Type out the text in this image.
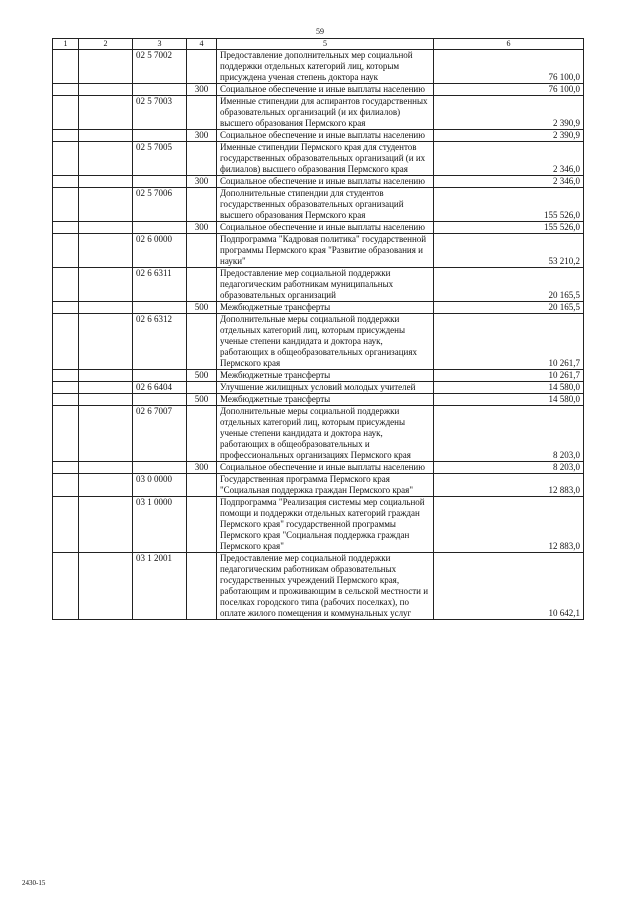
59
1	2	3	4	5	6
		02 5 7002		Предоставление дополнительных мер социальной поддержки отдельных категорий лиц, которым присуждена ученая степень доктора наук	76 100,0
			300	Социальное обеспечение и иные выплаты населению	76 100,0
		02 5 7003		Именные стипендии для аспирантов государственных образовательных организаций (и их филиалов) высшего образования Пермского края	2 390,9
			300	Социальное обеспечение и иные выплаты населению	2 390,9
		02 5 7005		Именные стипендии Пермского края для студентов государственных образовательных организаций (и их филиалов) высшего образования Пермского края	2 346,0
			300	Социальное обеспечение и иные выплаты населению	2 346,0
		02 5 7006		Дополнительные стипендии для студентов государственных образовательных организаций высшего образования Пермского края	155 526,0
			300	Социальное обеспечение и иные выплаты населению	155 526,0
		02 6 0000		Подпрограмма "Кадровая политика" государственной программы Пермского края "Развитие образования и науки"	53 210,2
		02 6 6311		Предоставление мер социальной поддержки педагогическим работникам муниципальных образовательных организаций	20 165,5
			500	Межбюджетные трансферты	20 165,5
		02 6 6312		Дополнительные меры социальной поддержки отдельных категорий лиц, которым присуждены ученые степени кандидата и доктора наук, работающих в общеобразовательных организациях Пермского края	10 261,7
			500	Межбюджетные трансферты	10 261,7
		02 6 6404		Улучшение жилищных условий молодых учителей	14 580,0
			500	Межбюджетные трансферты	14 580,0
		02 6 7007		Дополнительные меры социальной поддержки отдельных категорий лиц, которым присуждены ученые степени кандидата и доктора наук, работающих в общеобразовательных и профессиональных организациях Пермского края	8 203,0
			300	Социальное обеспечение и иные выплаты населению	8 203,0
		03 0 0000		Государственная программа Пермского края "Социальная поддержка граждан Пермского края"	12 883,0
		03 1 0000		Подпрограмма "Реализация системы мер социальной помощи и поддержки отдельных категорий граждан Пермского края" государственной программы Пермского края "Социальная поддержка граждан Пермского края"	12 883,0
		03 1 2001		Предоставление мер социальной поддержки педагогическим работникам образовательных государственных учреждений Пермского края, работающим и проживающим в сельской местности и поселках городского типа (рабочих поселках), по оплате жилого помещения и коммунальных услуг	10 642,1
2430-15
